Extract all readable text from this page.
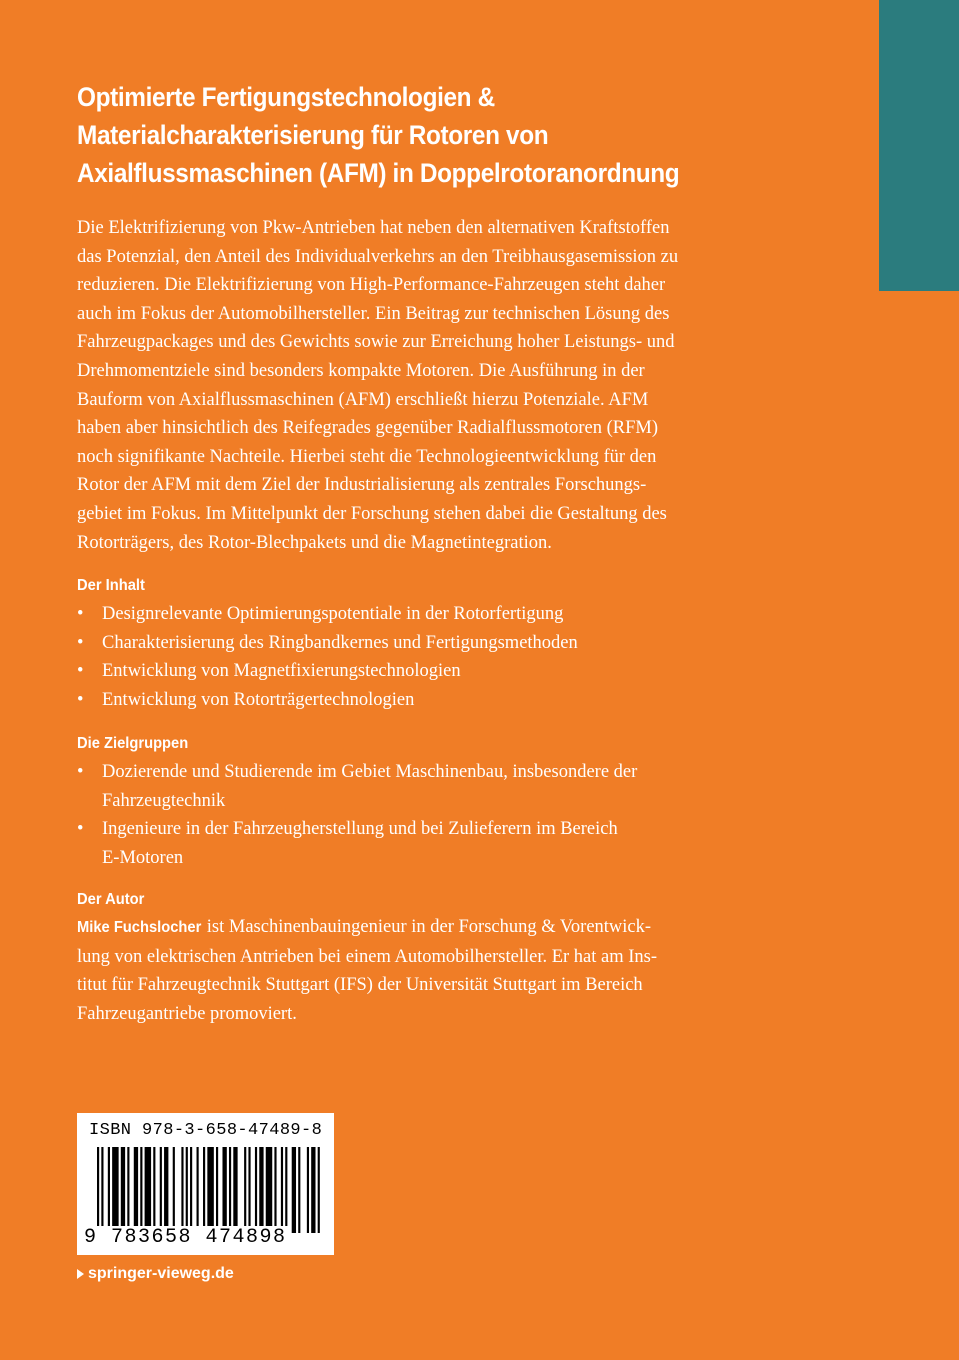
Optimierte Fertigungstechnologien &
Materialcharakterisierung für Rotoren von
Axialflussmaschinen (AFM) in Doppelrotoranordnung

Die Elektrifizierung von Pkw-Antrieben hat neben den alternativen Kraftstoffen
das Potenzial, den Anteil des Individualverkehrs an den Treibhausgasemission zu
reduzieren. Die Elektrifizierung von High-Performance-Fahrzeugen steht daher
auch im Fokus der Automobilhersteller. Ein Beitrag zur technischen Lösung des
Fahrzeugpackages und des Gewichts sowie zur Erreichung hoher Leistungs- und
Drehmomentziele sind besonders kompakte Motoren. Die Ausführung in der
Bauform von Axialflussmaschinen (AFM) erschließt hierzu Potenziale. AFM
haben aber hinsichtlich des Reifegrades gegenüber Radialflussmotoren (RFM)
noch signifikante Nachteile. Hierbei steht die Technologieentwicklung für den
Rotor der AFM mit dem Ziel der Industrialisierung als zentrales Forschungs-
gebiet im Fokus. Im Mittelpunkt der Forschung stehen dabei die Gestaltung des
Rotorträgers, des Rotor-Blechpakets und die Magnetintegration.

Der Inhalt
• Designrelevante Optimierungspotentiale in der Rotorfertigung
• Charakterisierung des Ringbandkernes und Fertigungsmethoden
• Entwicklung von Magnetfixierungstechnologien
• Entwicklung von Rotorträgertechnologien
Die Zielgruppen
• Dozierende und Studierende im Gebiet Maschinenbau, insbesondere der
Fahrzeugtechnik
• Ingenieure in der Fahrzeugherstellung und bei Zulieferern im Bereich
E-Motoren
Der Autor

Mike Fuchslocher ist Maschinenbauingenieur in der Forschung & Vorentwick-
lung von elektrischen Antrieben bei einem Automobilhersteller. Er hat am Ins-
titut für Fahrzeugtechnik Stuttgart (IFS) der Universität Stuttgart im Bereich
Fahrzeugantriebe promoviert.

ISBN 978-3-658-47489-8
9 783658 474898
springer-vieweg.de
